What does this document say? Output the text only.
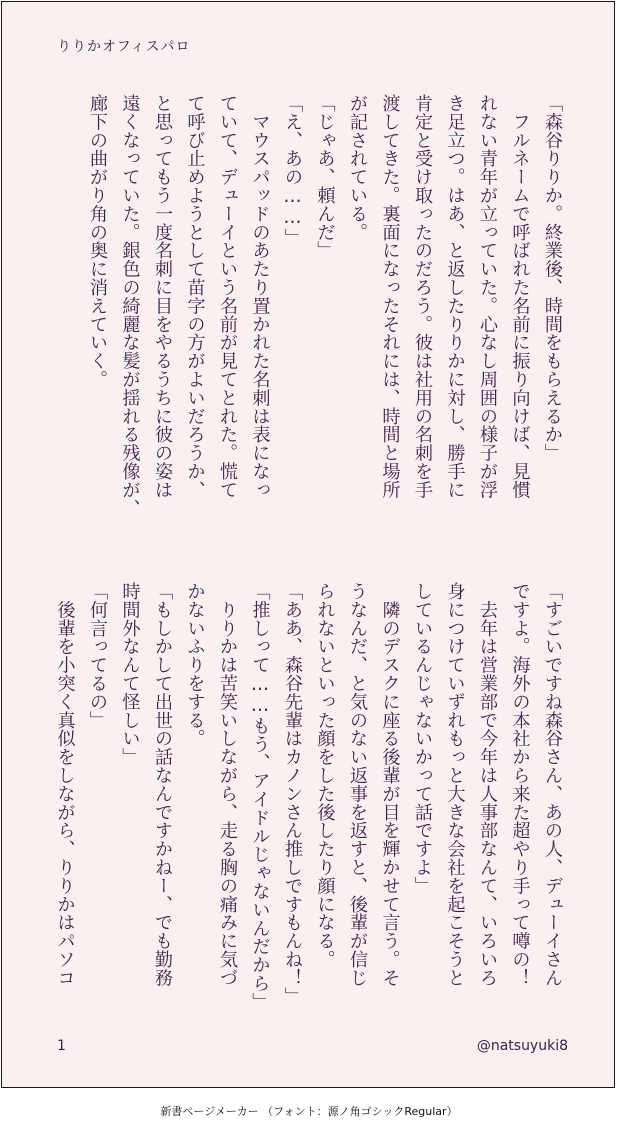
りりかオフィスパロ
「森谷りりか。終業後、時間をもらえるか」
　フルネームで呼ばれた名前に振り向けば、見慣
れない青年が立っていた。心なし周囲の様子が浮
き足立つ。はあ、と返したりりかに対し、勝手に
肯定と受け取ったのだろう。彼は社用の名刺を手
渡してきた。裏面になったそれには、時間と場所
が記されている。
「じゃあ、頼んだ」
「え、あの……」
　マウスパッドのあたり置かれた名刺は表になっ
ていて、デューイという名前が見てとれた。慌て
て呼び止めようとして苗字の方がよいだろうか、
と思ってもう一度名刺に目をやるうちに彼の姿は
遠くなっていた。銀色の綺麗な髪が揺れる残像が、
廊下の曲がり角の奥に消えていく。
「すごいですね森谷さん、あの人、デューイさん
ですよ。海外の本社から来た超やり手って噂の！
　去年は営業部で今年は人事部なんて、いろいろ
身につけていずれもっと大きな会社を起こそうと
しているんじゃないかって話ですよ」
　隣のデスクに座る後輩が目を輝かせて言う。そ
うなんだ、と気のない返事を返すと、後輩が信じ
られないといった顔をした後したり顔になる。
「ああ、森谷先輩はカノンさん推しですもんね！」
「推しって……もう、アイドルじゃないんだから」
　りりかは苦笑いしながら、走る胸の痛みに気づ
かないふりをする。
「もしかして出世の話なんですかねー、でも勤務
時間外なんて怪しい」
「何言ってるの」
　後輩を小突く真似をしながら、りりかはパソコ
1	@natsuyuki8
新書ページメーカー （フォント：源ノ角ゴシックRegular）
